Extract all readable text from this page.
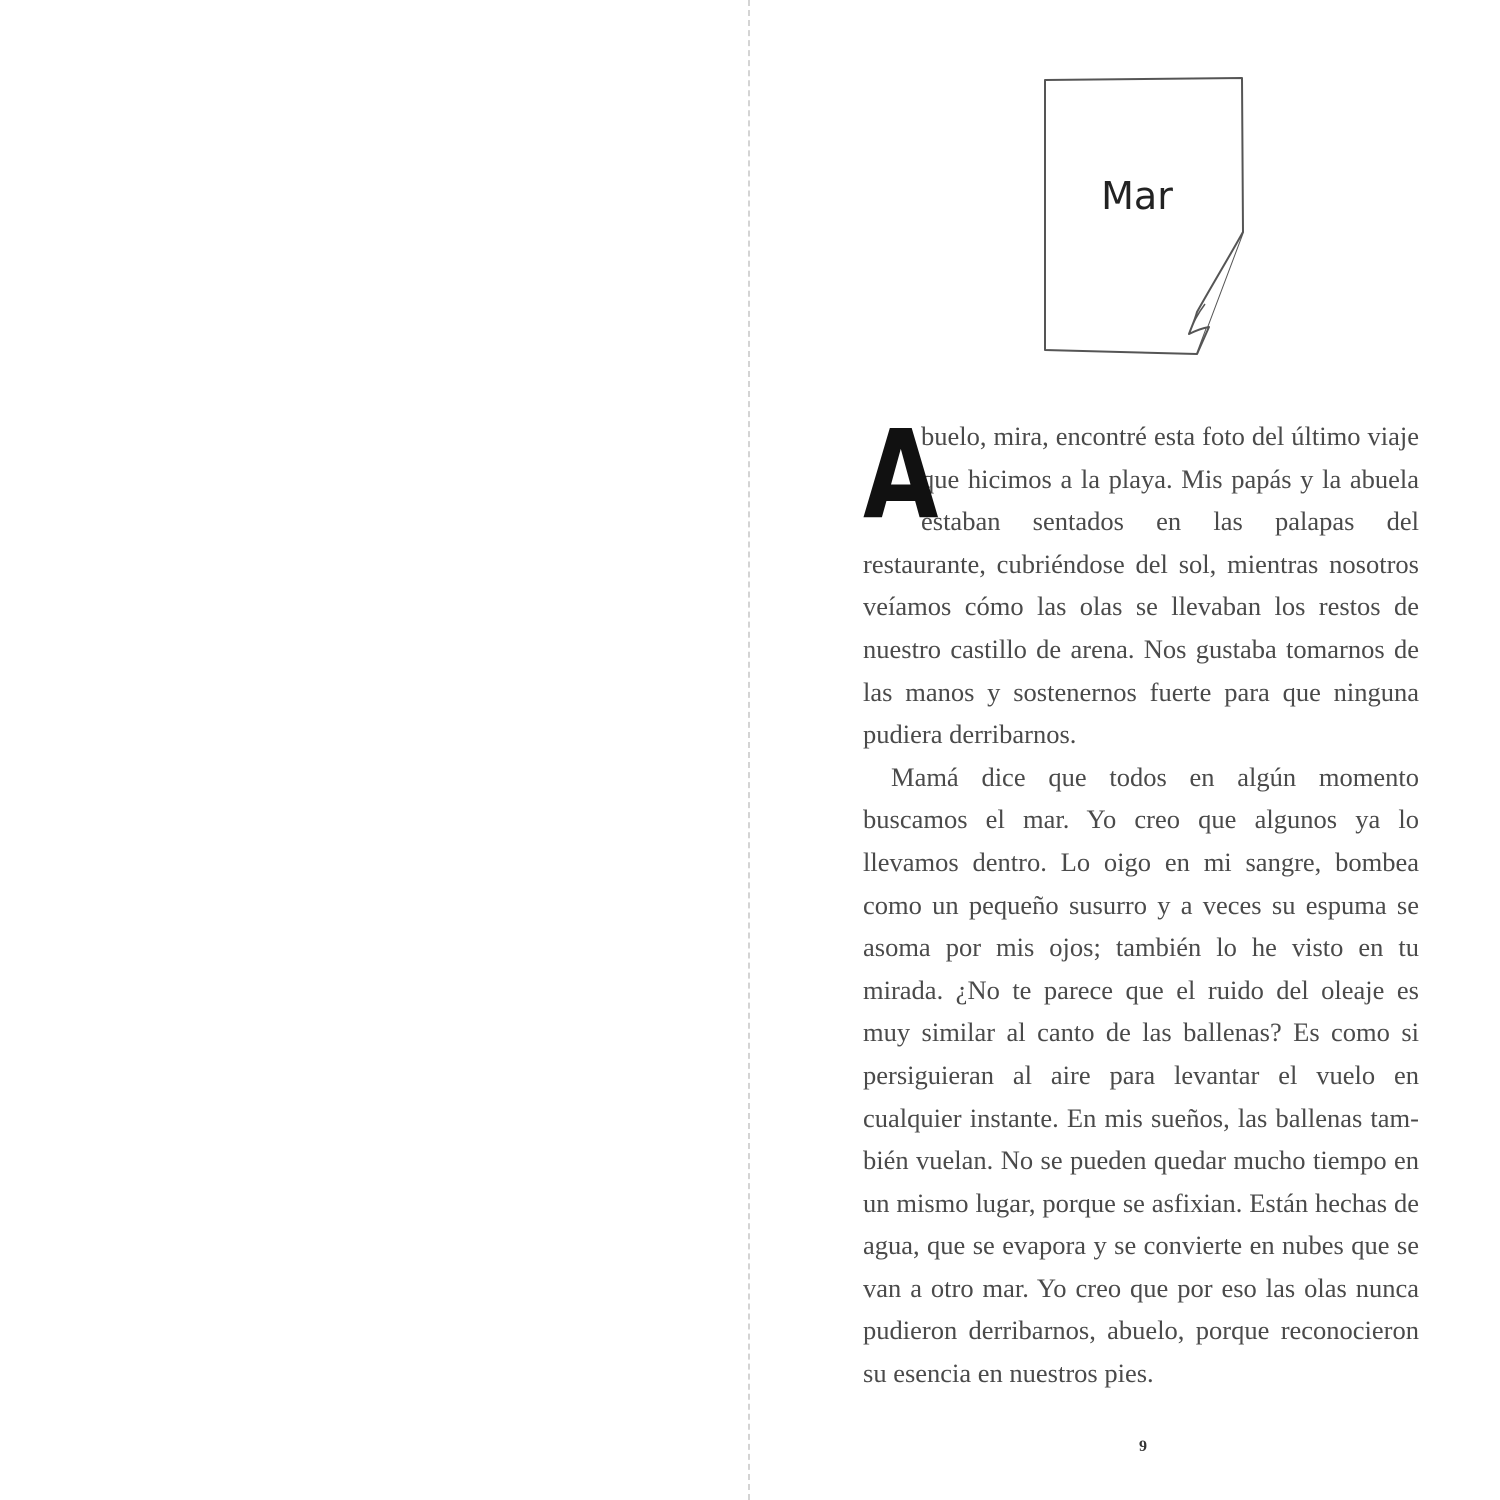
Mar

A
buelo, mira, encontré esta foto del último viaje que hicimos a la playa. Mis papás y la abuela estaban sentados en las palapas del restaurante, cubriéndose del sol, mientras nosotros veíamos cómo las olas se llevaban los restos de nuestro castillo de arena. Nos gustaba tomarnos de las manos y sostenernos fuerte para que ninguna pudiera derribarnos.

Mamá dice que todos en algún momento buscamos el mar. Yo creo que algunos ya lo llevamos dentro. Lo oigo en mi sangre, bombea como un pequeño susurro y a veces su espuma se asoma por mis ojos; también lo he visto en tu mirada. ¿No te parece que el ruido del oleaje es muy similar al canto de las ballenas? Es como si persiguieran al aire para levantar el vuelo en cualquier instante. En mis sueños, las ballenas también vuelan. No se pueden quedar mucho tiempo en un mismo lugar, porque se asfixian. Están hechas de agua, que se evapora y se convierte en nubes que se van a otro mar. Yo creo que por eso las olas nunca pudieron derribarnos, abuelo, porque reconocieron su esencia en nuestros pies.

9
